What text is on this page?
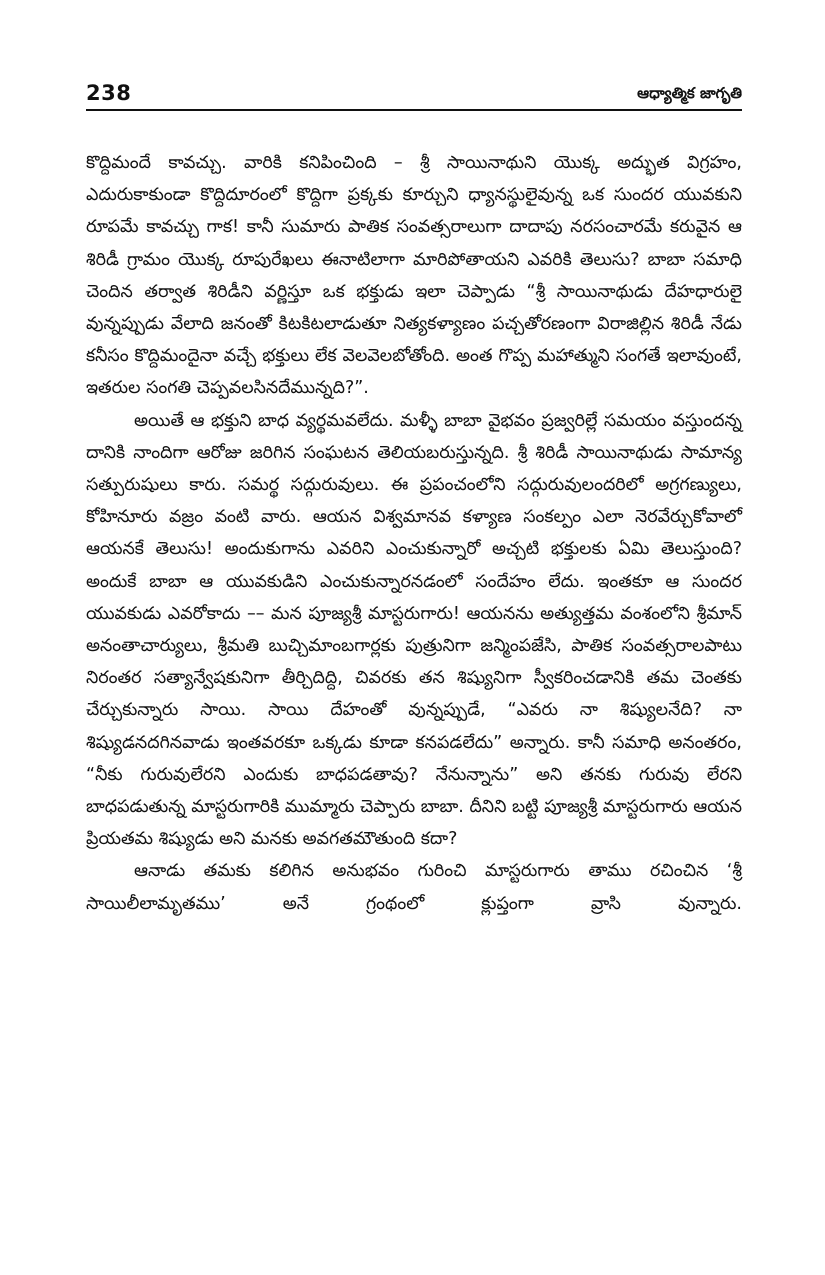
238	ఆధ్యాత్మిక జాగృతి

కొద్దిమందే కావచ్చు. వారికి కనిపించింది – శ్రీ సాయినాథుని యొక్క అద్భుత విగ్రహం, ఎదురుకాకుండా కొద్దిదూరంలో కొద్దిగా ప్రక్కకు కూర్చుని ధ్యానస్థులైవున్న ఒక సుందర యువకుని రూపమే కావచ్చు గాక! కానీ సుమారు పాతిక సంవత్సరాలుగా దాదాపు నరసంచారమే కరువైన ఆ శిరిడీ గ్రామం యొక్క రూపురేఖలు ఈనాటిలాగా మారిపోతాయని ఎవరికి తెలుసు? బాబా సమాధి చెందిన తర్వాత శిరిడీని వర్ణిస్తూ ఒక భక్తుడు ఇలా చెప్పాడు “శ్రీ సాయినాథుడు దేహధారులై వున్నప్పుడు వేలాది జనంతో కిటకిటలాడుతూ నిత్యకళ్యాణం పచ్చతోరణంగా విరాజిల్లిన శిరిడీ నేడు కనీసం కొద్దిమందైనా వచ్చే భక్తులు లేక వెలవెలబోతోంది. అంత గొప్ప మహాత్ముని సంగతే ఇలావుంటే, ఇతరుల సంగతి చెప్పవలసినదేమున్నది?”.

అయితే ఆ భక్తుని బాధ వ్యర్థమవలేదు. మళ్ళీ బాబా వైభవం ప్రజ్వరిల్లే సమయం వస్తుందన్న దానికి నాందిగా ఆరోజు జరిగిన సంఘటన తెలియబరుస్తున్నది. శ్రీ శిరిడీ సాయినాథుడు సామాన్య సత్పురుషులు కారు. సమర్థ సద్గురువులు. ఈ ప్రపంచంలోని సద్గురువులందరిలో అగ్రగణ్యులు, కోహినూరు వజ్రం వంటి వారు. ఆయన విశ్వమానవ కళ్యాణ సంకల్పం ఎలా నెరవేర్చుకోవాలో ఆయనకే తెలుసు! అందుకుగాను ఎవరిని ఎంచుకున్నారో అచ్చటి భక్తులకు ఏమి తెలుస్తుంది? అందుకే బాబా ఆ యువకుడిని ఎంచుకున్నారనడంలో సందేహం లేదు. ఇంతకూ ఆ సుందర యువకుడు ఎవరోకాదు –– మన పూజ్యశ్రీ మాస్టరుగారు! ఆయనను అత్యుత్తమ వంశంలోని శ్రీమాన్ అనంతాచార్యులు, శ్రీమతి బుచ్చిమాంబగార్లకు పుత్రునిగా జన్మింపజేసి, పాతిక సంవత్సరాలపాటు నిరంతర సత్యాన్వేషకునిగా తీర్చిదిద్ది, చివరకు తన శిష్యునిగా స్వీకరించడానికి తమ చెంతకు చేర్చుకున్నారు సాయి. సాయి దేహంతో వున్నప్పుడే, “ఎవరు నా శిష్యులనేది? నా శిష్యుడనదగినవాడు ఇంతవరకూ ఒక్కడు కూడా కనపడలేదు” అన్నారు. కానీ సమాధి అనంతరం, “నీకు గురువులేరని ఎందుకు బాధపడతావు? నేనున్నాను” అని తనకు గురువు లేరని బాధపడుతున్న మాస్టరుగారికి ముమ్మారు చెప్పారు బాబా. దీనిని బట్టి పూజ్యశ్రీ మాస్టరుగారు ఆయన ప్రియతమ శిష్యుడు అని మనకు అవగతమౌతుంది కదా?

ఆనాడు తమకు కలిగిన అనుభవం గురించి మాస్టరుగారు తాము రచించిన ‘శ్రీ సాయిలీలామృతము’ అనే గ్రంథంలో క్లుప్తంగా వ్రాసి వున్నారు.
